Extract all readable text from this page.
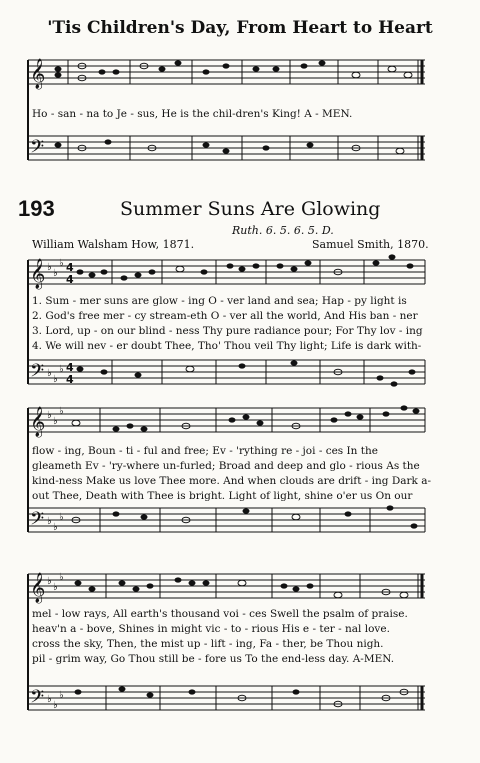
'Tis Children's Day, From Heart to Heart
𝄞
𝄢
Ho - san - na to Je - sus, He is the chil-dren's King! A - MEN.
193	Summer Suns Are Glowing
Ruth. 6. 5. 6. 5. D.
William Walsham How, 1871.	Samuel Smith, 1870.
𝄞 ♭
♭
♭ 4
4
𝄢 ♭
♭
♭ 4
4
1. Sum - mer suns are glow - ing O - ver land and sea; Hap - py light is
2. God's free mer - cy stream-eth O - ver all the world, And His ban - ner
3. Lord, up - on our blind - ness Thy pure radiance pour; For Thy lov - ing
4. We will nev - er doubt Thee, Tho' Thou veil Thy light; Life is dark with-
𝄞 ♭
♭
♭
𝄢 ♭
♭
♭
flow - ing, Boun - ti - ful and free; Ev - 'rything re - joi - ces In the
gleameth Ev - 'ry-where un-furled; Broad and deep and glo - rious As the
kind-ness Make us love Thee more. And when clouds are drift - ing Dark a-
out Thee, Death with Thee is bright. Light of light, shine o'er us On our
𝄞 ♭
♭
♭
𝄢 ♭
♭
♭
mel - low rays, All earth's thousand voi - ces Swell the psalm of praise.
heav'n a - bove, Shines in might vic - to - rious His e - ter - nal love.
cross the sky, Then, the mist up - lift - ing, Fa - ther, be Thou nigh.
pil - grim way, Go Thou still be - fore us To the end-less day. A-MEN.
